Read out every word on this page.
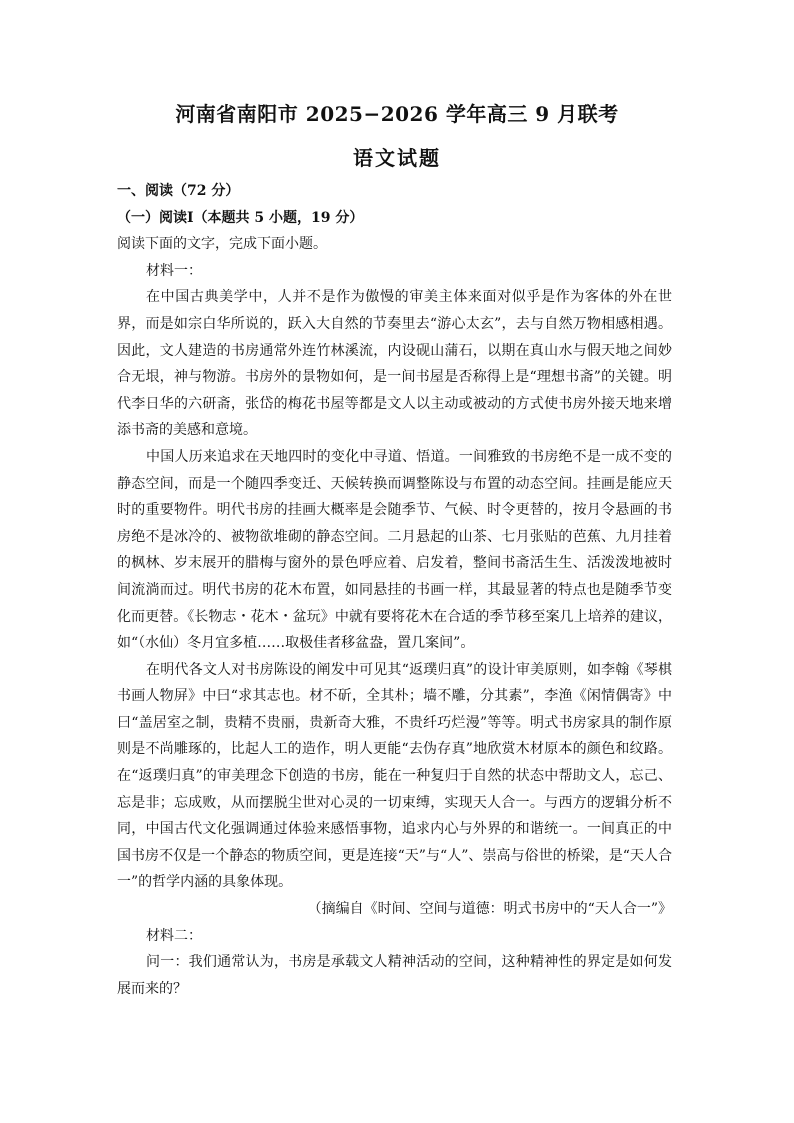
河南省南阳市 2025−2026 学年高三 9 月联考
语文试题
一、阅读（72 分）
（一）阅读Ⅰ（本题共 5 小题，19 分）
阅读下面的文字，完成下面小题。
材料一：

在中国古典美学中，人并不是作为傲慢的审美主体来面对似乎是作为客体的外在世界，而是如宗白华所说的，跃入大自然的节奏里去“游心太玄”，去与自然万物相感相遇。因此，文人建造的书房通常外连竹林溪流，内设砚山蒲石，以期在真山水与假天地之间妙合无垠，神与物游。书房外的景物如何，是一间书屋是否称得上是“理想书斋”的关键。明代李日华的六研斋，张岱的梅花书屋等都是文人以主动或被动的方式使书房外接天地来增添书斋的美感和意境。

中国人历来追求在天地四时的变化中寻道、悟道。一间雅致的书房绝不是一成不变的静态空间，而是一个随四季变迁、天候转换而调整陈设与布置的动态空间。挂画是能应天时的重要物件。明代书房的挂画大概率是会随季节、气候、时令更替的，按月令悬画的书房绝不是冰冷的、被物欲堆砌的静态空间。二月悬起的山茶、七月张贴的芭蕉、九月挂着的枫林、岁末展开的腊梅与窗外的景色呼应着、启发着，整间书斋活生生、活泼泼地被时间流淌而过。明代书房的花木布置，如同悬挂的书画一样，其最显著的特点也是随季节变化而更替。《长物志・花木・盆玩》中就有要将花木在合适的季节移至案几上培养的建议，如“（水仙）冬月宜多植……取极佳者移盆盎，置几案间”。

在明代各文人对书房陈设的阐发中可见其“返璞归真”的设计审美原则，如李翰《琴棋书画人物屏》中曰“求其志也。材不斫，全其朴；墙不雕，分其素”，李渔《闲情偶寄》中曰“盖居室之制，贵精不贵丽，贵新奇大雅，不贵纤巧烂漫”等等。明式书房家具的制作原则是不尚雕琢的，比起人工的造作，明人更能“去伪存真”地欣赏木材原本的颜色和纹路。在“返璞归真”的审美理念下创造的书房，能在一种复归于自然的状态中帮助文人，忘己、忘是非；忘成败，从而摆脱尘世对心灵的一切束缚，实现天人合一。与西方的逻辑分析不同，中国古代文化强调通过体验来感悟事物，追求内心与外界的和谐统一。一间真正的中国书房不仅是一个静态的物质空间，更是连接“天”与“人”、崇高与俗世的桥梁，是“天人合一”的哲学内涵的具象体现。

（摘编自《时间、空间与道德：明式书房中的“天人合一”》
材料二：

问一：我们通常认为，书房是承载文人精神活动的空间，这种精神性的界定是如何发展而来的？
